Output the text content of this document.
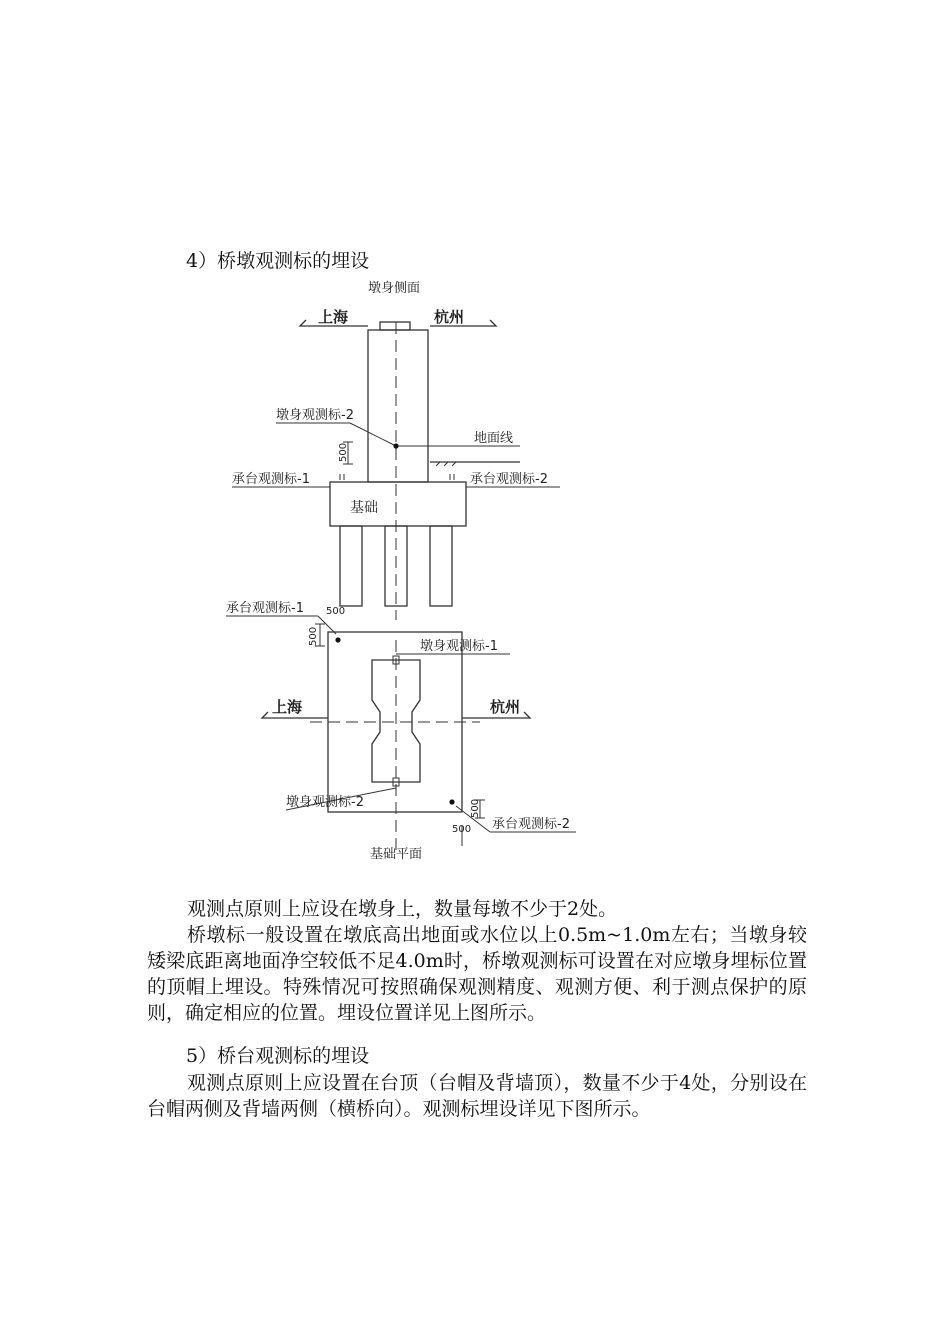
4）桥墩观测标的埋设
墩身侧面
上海	杭州
墩身观测标-2
500
地面线
承台观测标-1	承台观测标-2
基础
承台观测标-1 500
500
墩身观测标-1
上海	杭州
墩身观测标-2	500
500 承台观测标-2
基础平面
观测点原则上应设在墩身上，数量每墩不少于2处。
桥墩标一般设置在墩底高出地面或水位以上0.5m~1.0m左右；当墩身较矮梁底距离地面净空较低不足4.0m时，桥墩观测标可设置在对应墩身埋标位置的顶帽上埋设。特殊情况可按照确保观测精度、观测方便、利于测点保护的原则，确定相应的位置。埋设位置详见上图所示。
5）桥台观测标的埋设
观测点原则上应设置在台顶（台帽及背墙顶），数量不少于4处，分别设在台帽两侧及背墙两侧（横桥向）。观测标埋设详见下图所示。
